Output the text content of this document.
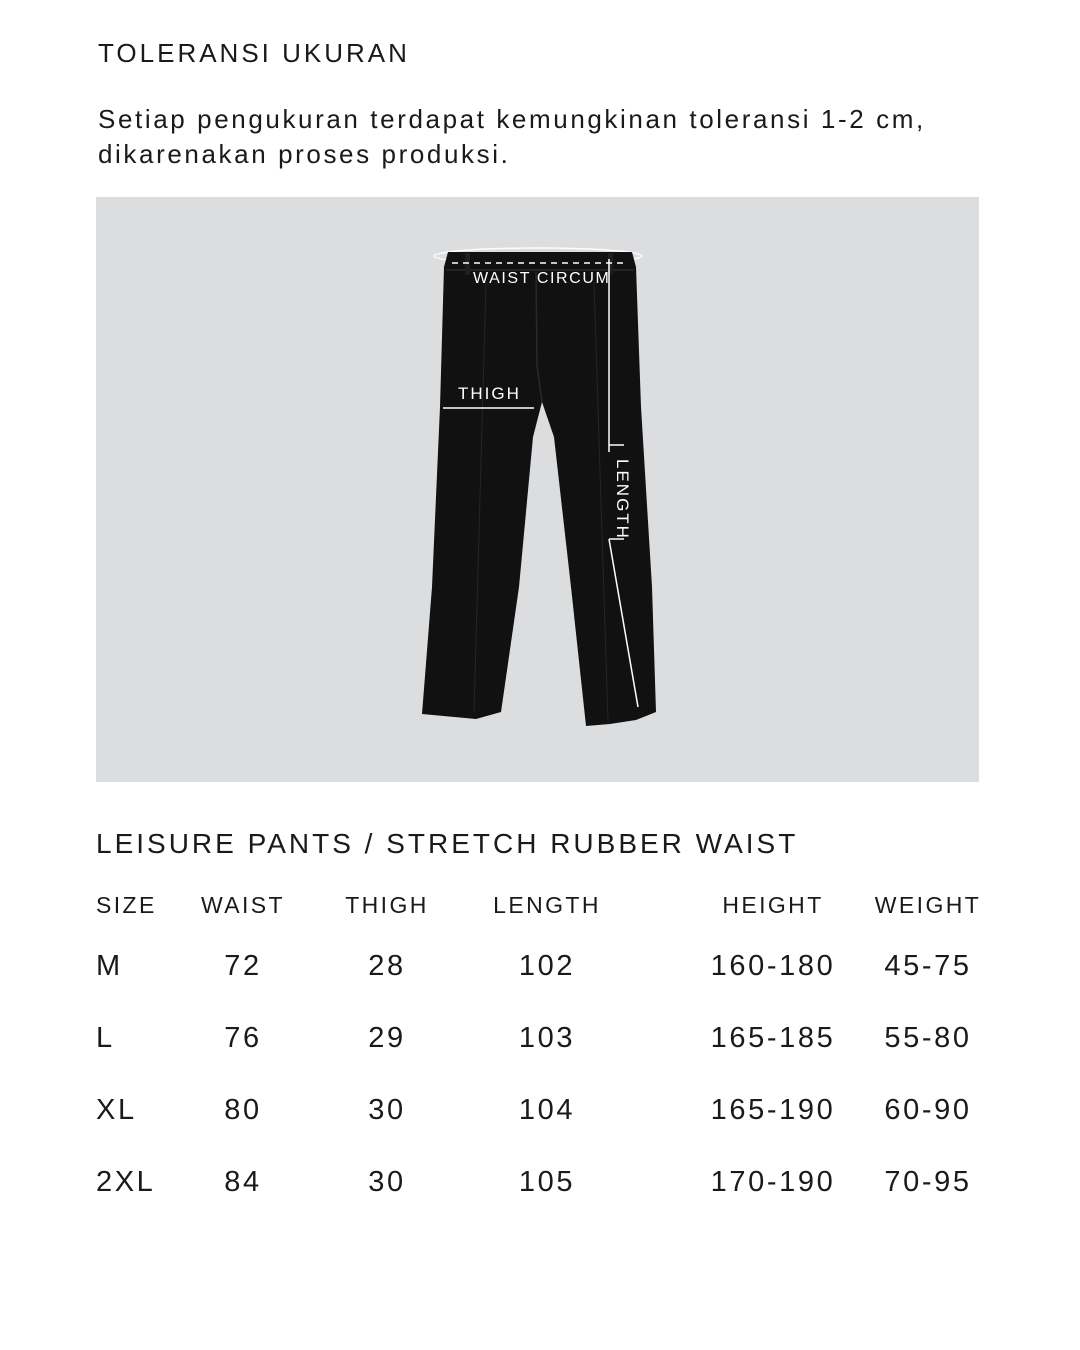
TOLERANSI UKURAN
Setiap pengukuran terdapat kemungkinan toleransi 1-2 cm, dikarenakan proses produksi.
WAIST CIRCUM
THIGH
LENGTH
LEISURE PANTS / STRETCH RUBBER WAIST
SIZE WAIST	THIGH	LENGTH	HEIGHT WEIGHT
M	72	28	102	160-180 45-75
L	76	29	103	165-185 55-80
XL	80	30	104	165-190 60-90
2XL 84	30	105	170-190 70-95
